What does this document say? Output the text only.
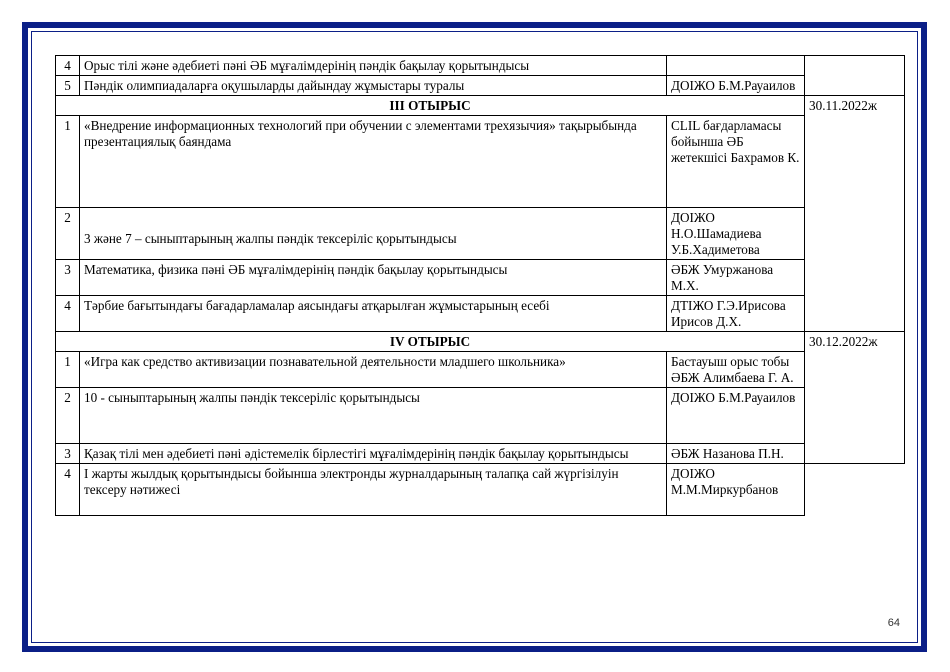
4	Орыс тілі және әдебиеті пәні ӘБ мұғалімдерінің пәндік бақылау қорытындысы		
5	Пәндік олимпиадаларға оқушыларды дайындау жұмыстары туралы	ДОІЖО Б.М.Рауаилов	
III ОТЫРЫС			30.11.2022ж
1	«Внедрение информационных технологий при обучении с элементами трехязычия» тақырыбында презентациялық баяндама	CLIL бағдарламасы бойынша ӘБ жетекшісі Бахрамов К.	
2	3 және 7 – сыныптарының жалпы пәндік тексерiліс қорытындысы	ДОІЖО Н.О.Шамадиева У.Б.Хадиметова	
3	Математика, физика пәні ӘБ мұғалімдерінің пәндік бақылау қорытындысы	ӘБЖ Умуржанова М.Х.	
4	Тәрбие бағытындағы бағадарламалар аясындағы атқарылған жұмыстарының есебі	ДТІЖО Г.Э.Ирисова Ирисов Д.Х.	
IV ОТЫРЫС			30.12.2022ж
1	«Игра как средство активизации познавательной деятельности младшего школьника»	Бастауыш орыс тобы ӘБЖ Алимбаева Г. А.	
2	10 - сыныптарының жалпы пәндік тексерiліс қорытындысы	ДОІЖО Б.М.Рауаилов	
3	Қазақ тілі мен әдебиеті пәні әдістемелік бірлестігі мұғалімдерінің пәндік бақылау қорытындысы	ӘБЖ Назанова П.Н.	
4	І жарты жылдық қорытындысы бойынша электронды журналдарының талапқа сай жүргізілуін тексеру нәтижесі	ДОІЖО М.М.Миркурбанов
64
